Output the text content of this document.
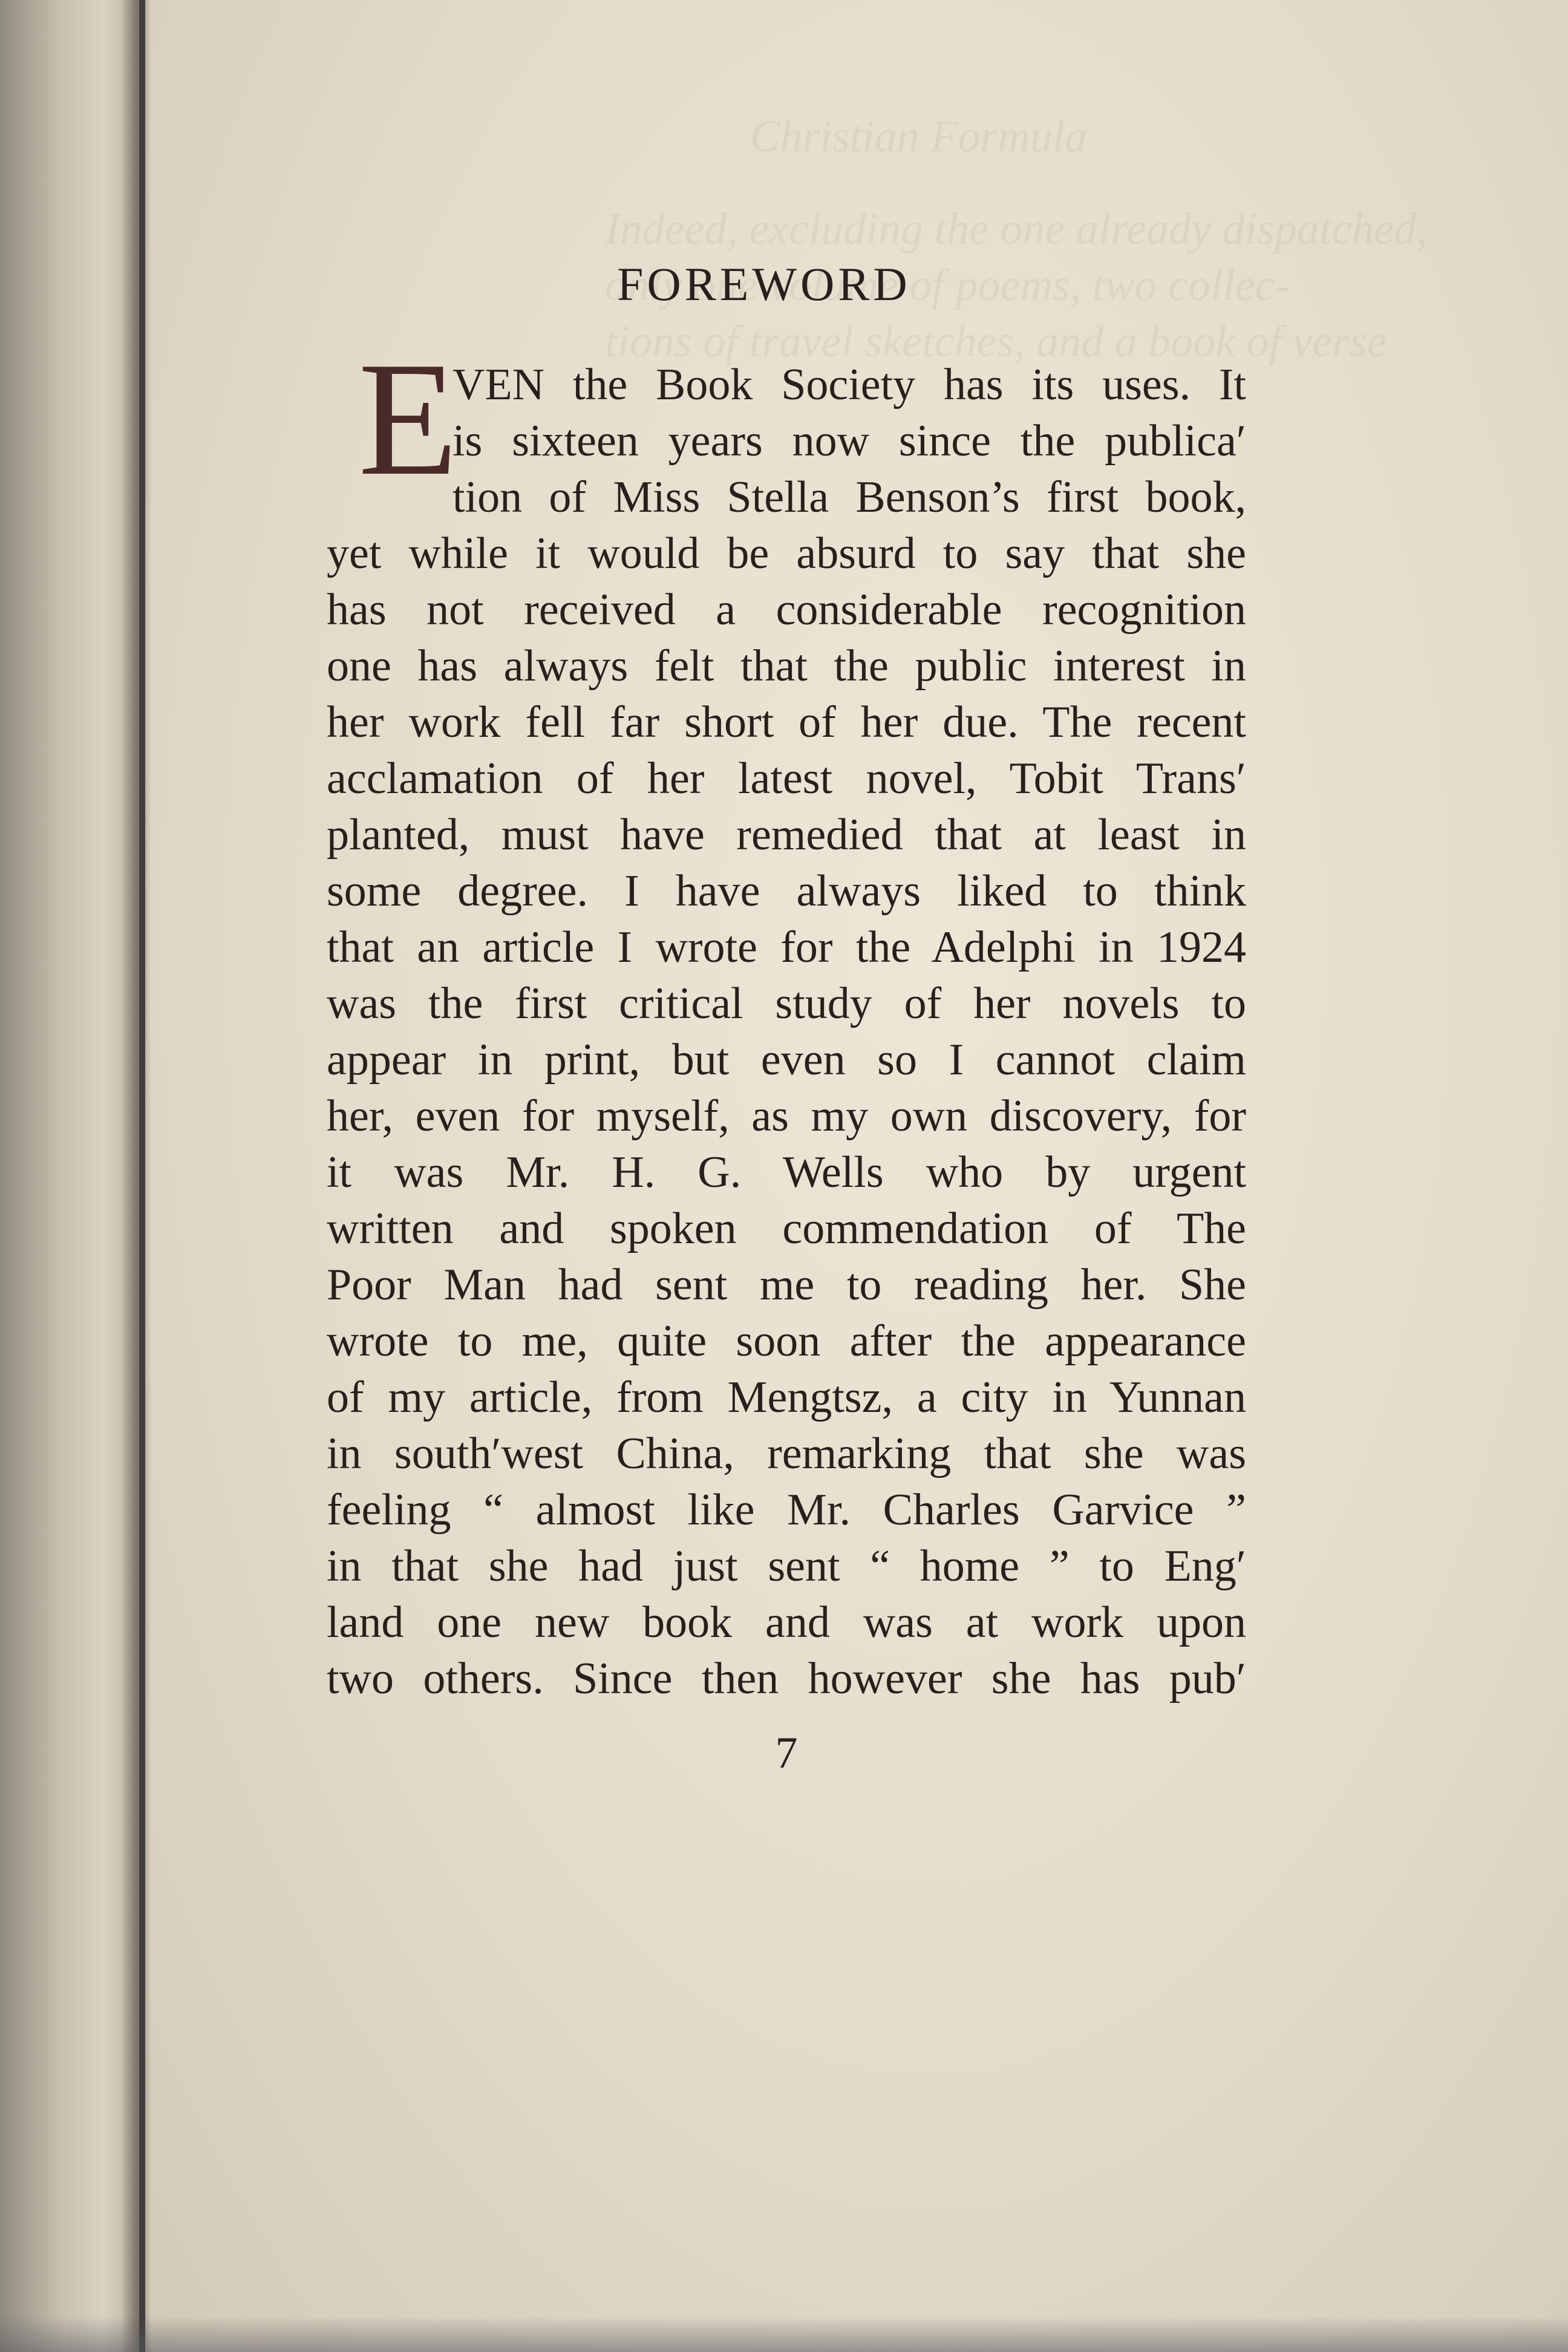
FOREWORD
E
VEN the Book Society has its uses. It
is sixteen years now since the publica′
tion of Miss Stella Benson’s first book,
yet while it would be absurd to say that she
has not received a considerable recognition
one has always felt that the public interest in
her work fell far short of her due. The recent
acclamation of her latest novel, Tobit Trans′
planted, must have remedied that at least in
some degree. I have always liked to think
that an article I wrote for the Adelphi in 1924
was the first critical study of her novels to
appear in print, but even so I cannot claim
her, even for myself, as my own discovery, for
it was Mr. H. G. Wells who by urgent
written and spoken commendation of The
Poor Man had sent me to reading her. She
wrote to me, quite soon after the appearance
of my article, from Mengtsz, a city in Yunnan
in south′west China, remarking that she was
feeling “ almost like Mr. Charles Garvice ”
in that she had just sent “ home ” to Eng′
land one new book and was at work upon
two others. Since then however she has pub′
7
